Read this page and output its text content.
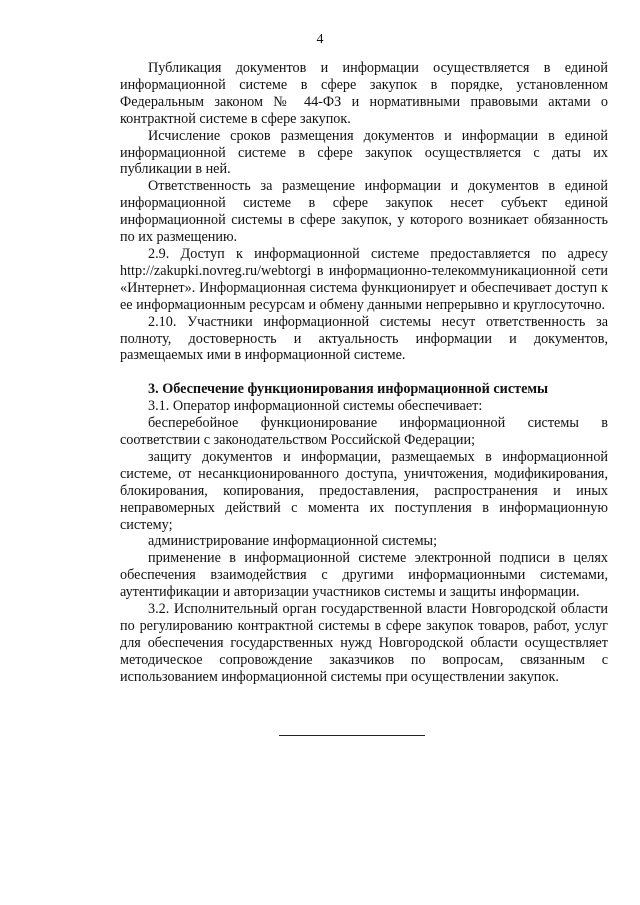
4

Публикация документов и информации осуществляется в единой информационной системе в сфере закупок в порядке, установленном Федеральным законом № 44-ФЗ и нормативными правовыми актами о контрактной системе в сфере закупок.

Исчисление сроков размещения документов и информации в единой информационной системе в сфере закупок осуществляется с даты их публикации в ней.

Ответственность за размещение информации и документов в единой информационной системе в сфере закупок несет субъект единой информационной системы в сфере закупок, у которого возникает обязанность по их размещению.

2.9. Доступ к информационной системе предоставляется по адресу http://zakupki.novreg.ru/webtorgi в информационно-телекоммуникационной сети «Интернет». Информационная система функционирует и обеспечивает доступ к ее информационным ресурсам и обмену данными непрерывно и круглосуточно.

2.10. Участники информационной системы несут ответственность за полноту, достоверность и актуальность информации и документов, размещаемых ими в информационной системе.

3. Обеспечение функционирования информационной системы

3.1. Оператор информационной системы обеспечивает:

бесперебойное функционирование информационной системы в соответствии с законодательством Российской Федерации;

защиту документов и информации, размещаемых в информационной системе, от несанкционированного доступа, уничтожения, модификирования, блокирования, копирования, предоставления, распространения и иных неправомерных действий с момента их поступления в информационную систему;

администрирование информационной системы;

применение в информационной системе электронной подписи в целях обеспечения взаимодействия с другими информационными системами, аутентификации и авторизации участников системы и защиты информации.

3.2. Исполнительный орган государственной власти Новгородской области по регулированию контрактной системы в сфере закупок товаров, работ, услуг для обеспечения государственных нужд Новгородской области осуществляет методическое сопровождение заказчиков по вопросам, связанным с использованием информационной системы при осуществлении закупок.
